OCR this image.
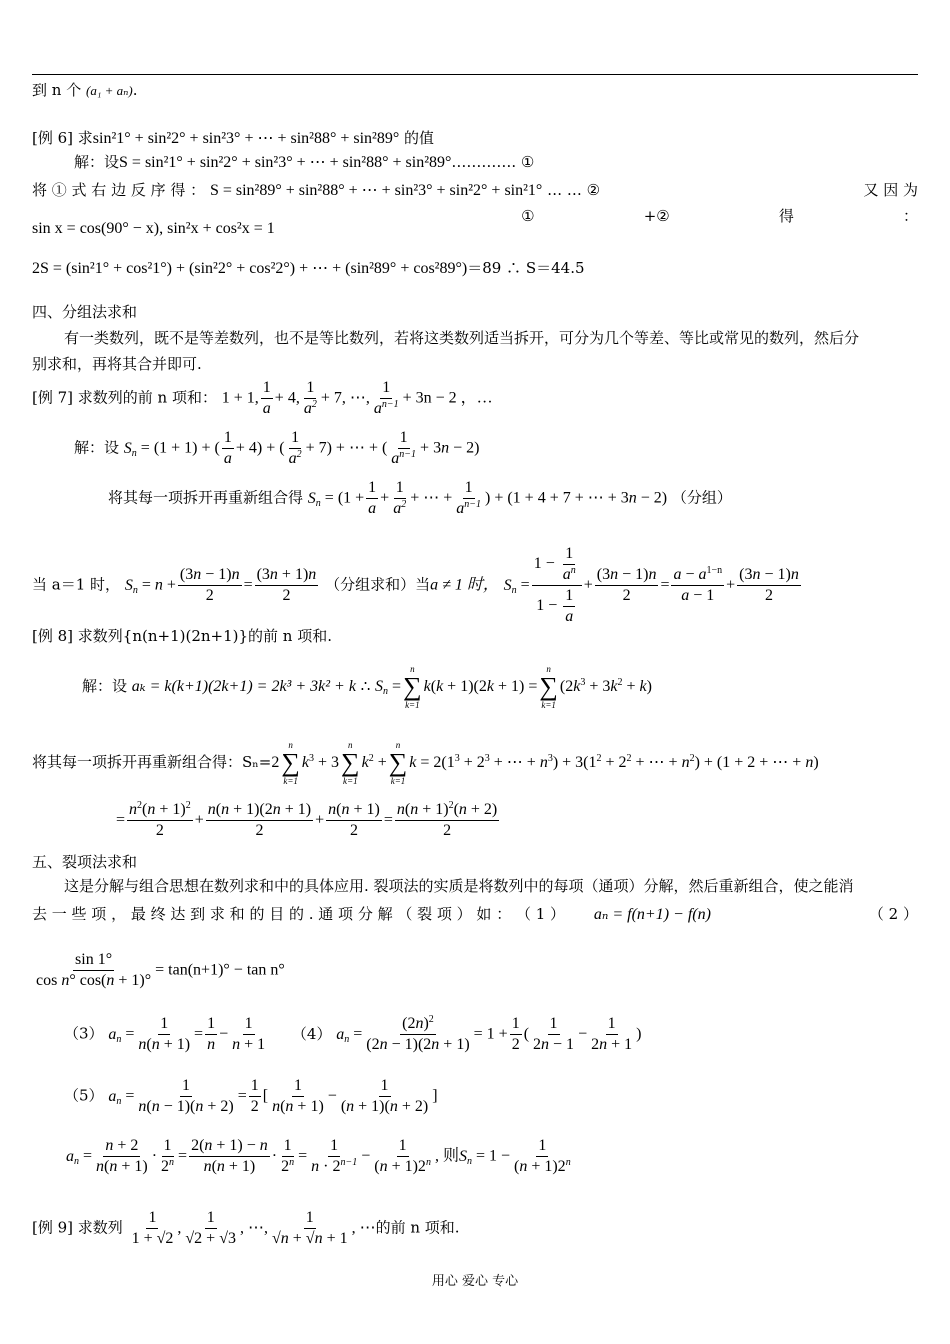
到 n 个 (a₁ + aₙ).
[例 6] 求sin²1° + sin²2° + sin²3° + ⋯ + sin²88° + sin²89° 的值
解：设S = sin²1° + sin²2° + sin²3° + ⋯ + sin²88° + sin²89°…………. ①
将 ① 式 右 边 反 序 得 ： S = sin²89° + sin²88° + ⋯ + sin²3° + sin²2° + sin²1° … … ②	又 因 为
①	+②	得	：
sin x = cos(90° − x), sin²x + cos²x = 1
2S = (sin²1° + cos²1°) + (sin²2° + cos²2°) + ⋯ + (sin²89° + cos²89°)＝89 ∴ S＝44.5
四、分组法求和
有一类数列，既不是等差数列，也不是等比数列，若将这类数列适当拆开，可分为几个等差、等比或常见的数列，然后分
别求和，再将其合并即可.
[例 7] 求数列的前 n 项和： 1 + 1, $\frac{1}{a} + 4$, $\frac{1}{a^2} + 7$, ⋯, $\frac{1}{a^{n-1}} + 3n - 2$ ，…
解：设 $S_n = (1 + 1)$ + ( $\frac{1}{a} + 4$) + ( $\frac{1}{a^2} + 7$) + ⋯ + ( $\frac{1}{a^{n-1}} + 3n - 2$)
将其每一项拆开再重新组合得 $S_n = (1 + \frac{1}{a} + \frac{1}{a^2}$ + ⋯ + $\frac{1}{a^{n-1}}$ ) + (1 + 4 + 7 + ⋯ + 3n − 2) （分组）
当 a＝1 时， $S_n = n + \frac{(3n - 1)n}{2} = \frac{(3n + 1)n}{2}$ （分组求和）当a ≠ 1 时， $S_n = \frac{1 - \frac{1}{a^n}}{1 - \frac{1}{a}} + \frac{(3n - 1)n}{2} = \frac{a - a^{1-n}}{a - 1} + \frac{(3n - 1)n}{2}$
[例 8] 求数列{n(n+1)(2n+1)}的前 n 项和.
解：设 aₖ = k(k+1)(2k+1) = 2k³ + 3k² + k ∴ $S_n$ =
n
∑
k=1
k(k + 1)(2k + 1) =
n
∑
k=1
$(2k^3 + 3k^2 + k)$
将其每一项拆开再重新组合得：Sₙ=2
n
∑
k=1
$k^3 + 3$
n
∑
k=1
$k^2$ +
n
∑
k=1
$k = 2(1^3 + 2^3$ + ⋯ + $n^3) + 3(1^2 + 2^2$ + ⋯ + $n^2) + (1 + 2$ + ⋯ + n)
= $\frac{n^2(n + 1)^2}{2} + \frac{n(n + 1)(2n + 1)}{2} + \frac{n(n + 1)}{2} = \frac{n(n + 1)^2(n + 2)}{2}$
五、裂项法求和
这是分解与组合思想在数列求和中的具体应用. 裂项法的实质是将数列中的每项（通项）分解，然后重新组合，使之能消
去 一 些 项 ， 最 终 达 到 求 和 的 目 的 . 通 项 分 解 （ 裂 项 ） 如 ： （ 1 ） aₙ = f(n+1) − f(n)	（ 2 ）
$\frac{\sin 1^\circ}{\text{cos n° cos(n + 1)°}} = \tan(n+1)^\circ - \tan n^\circ$
（3） $a_n = \frac{1}{n(n + 1)} = \frac{1}{n} - \frac{1}{n + 1} (4) a_n = \frac{(2n)^2}{(2n - 1)(2n + 1)} = 1 + \frac{1}{2}$ ( $\frac{1}{2n - 1} - \frac{1}{2n + 1}$ )
（5） $a_n = \frac{1}{n(n - 1)(n + 2)} = \frac{1}{2}$ [ $\frac{1}{n(n + 1)} - \frac{1}{(n + 1)(n + 2)}$ ]
$a_n = \frac{n + 2}{n(n + 1)} \cdot \frac{1}{2^n} = \frac{2(n + 1) - n}{n(n + 1)} \cdot \frac{1}{2^n} = \frac{1}{n \cdot 2^{n-1}} - \frac{1}{(n + 1)2^n}$ , 则$S_n = 1 - \frac{1}{(n + 1)2^n}$
[例 9] 求数列 $\frac{1}{1 + √2}$ , $\frac{1}{√2 + √3}$ , ⋯, $\frac{1}{√n + √n + 1}$ , ⋯的前 n 项和.
用心 爱心 专心
